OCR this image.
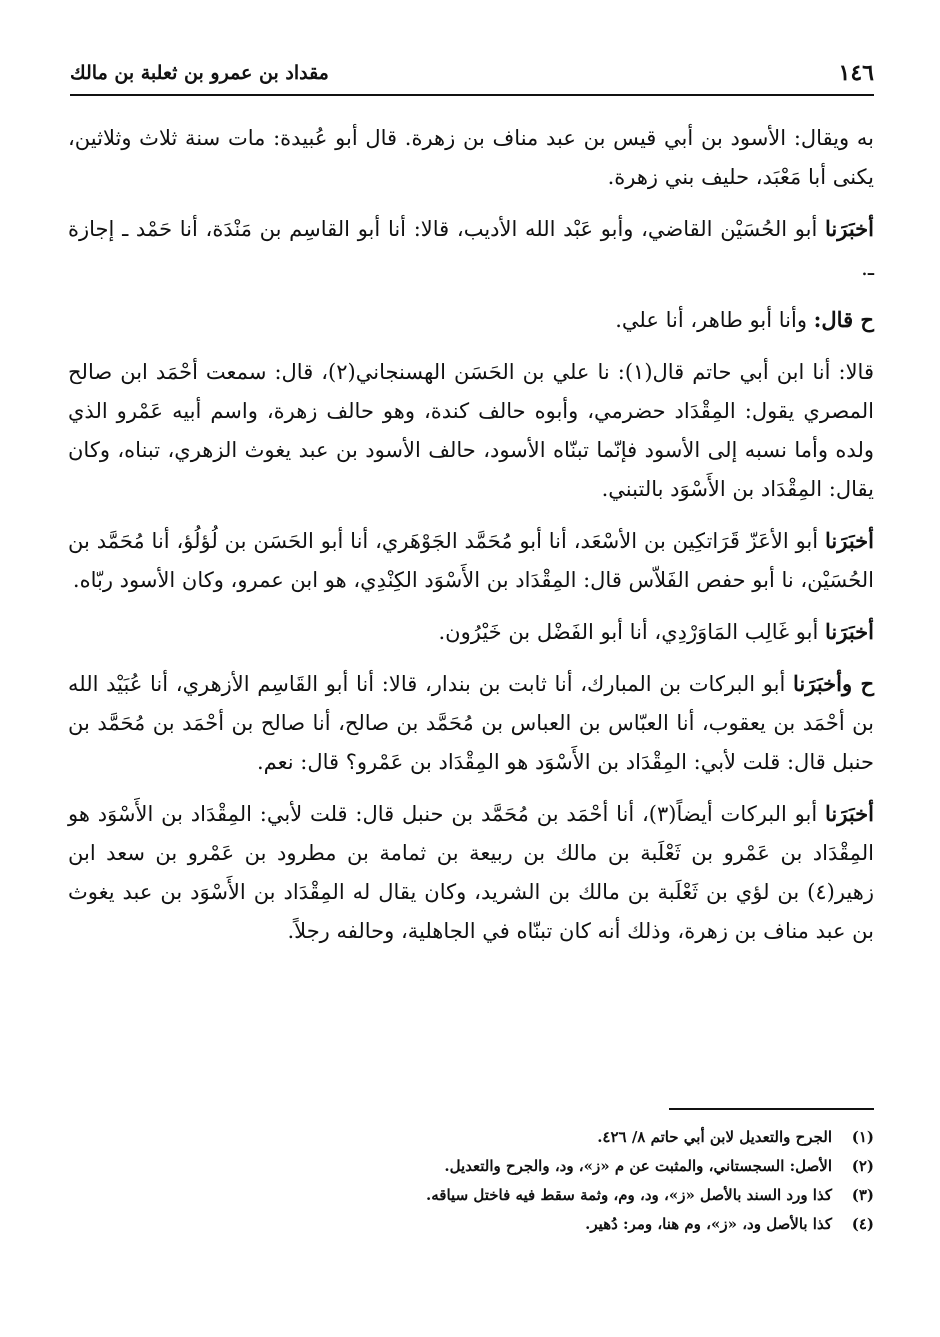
١٤٦
مقداد بن عمرو بن ثعلبة بن مالك

به ويقال: الأسود بن أبي قيس بن عبد مناف بن زهرة. قال أبو عُبيدة: مات سنة ثلاث وثلاثين، يكنى أبا مَعْبَد، حليف بني زهرة.

أخبَرَنا أبو الحُسَيْن القاضي، وأبو عَبْد الله الأديب، قالا: أنا أبو القاسِم بن مَنْدَة، أنا حَمْد ـ إجازة ـ.

ح قال: وأنا أبو طاهر، أنا علي.

قالا: أنا ابن أبي حاتم قال(١): نا علي بن الحَسَن الهسنجاني(٢)، قال: سمعت أحْمَد ابن صالح المصري يقول: المِقْدَاد حضرمي، وأبوه حالف كندة، وهو حالف زهرة، واسم أبيه عَمْرو الذي ولده وأما نسبه إلى الأسود فإنّما تبنّاه الأسود، حالف الأسود بن عبد يغوث الزهري، تبناه، وكان يقال: المِقْدَاد بن الأَسْوَد بالتبني.

أخبَرَنا أبو الأعَزّ قَرَاتكِين بن الأسْعَد، أنا أبو مُحَمَّد الجَوْهَري، أنا أبو الحَسَن بن لُؤلُؤ، أنا مُحَمَّد بن الحُسَيْن، نا أبو حفص الفَلاّس قال: المِقْدَاد بن الأَسْوَد الكِنْدِي، هو ابن عمرو، وكان الأسود ربّاه.

أخبَرَنا أبو غَالِب المَاوَرْدِي، أنا أبو الفَضْل بن خَيْرُون.

ح وأخبَرَنا أبو البركات بن المبارك، أنا ثابت بن بندار، قالا: أنا أبو القَاسِم الأزهري، أنا عُبَيْد الله بن أحْمَد بن يعقوب، أنا العبّاس بن العباس بن مُحَمَّد بن صالح، أنا صالح بن أحْمَد بن مُحَمَّد بن حنبل قال: قلت لأبي: المِقْدَاد بن الأَسْوَد هو المِقْدَاد بن عَمْرو؟ قال: نعم.

أخبَرَنا أبو البركات أيضاً(٣)، أنا أحْمَد بن مُحَمَّد بن حنبل قال: قلت لأبي: المِقْدَاد بن الأَسْوَد هو المِقْدَاد بن عَمْرو بن ثَعْلَبة بن مالك بن ربيعة بن ثمامة بن مطرود بن عَمْرو بن سعد ابن زهير(٤) بن لؤي بن ثَعْلَبة بن مالك بن الشريد، وكان يقال له المِقْدَاد بن الأَسْوَد بن عبد يغوث بن عبد مناف بن زهرة، وذلك أنه كان تبنّاه في الجاهلية، وحالفه رجلاً.

(١)
الجرح والتعديل لابن أبي حاتم ٨/ ٤٢٦.
(٢)
الأصل: السجستاني، والمثبت عن م «ز»، ود، والجرح والتعديل.
(٣)
كذا ورد السند بالأصل «ز»، ود، وم، وثمة سقط فيه فاختل سياقه.
(٤)
كذا بالأصل ود، «ز»، وم هنا، ومر: دُهير.
